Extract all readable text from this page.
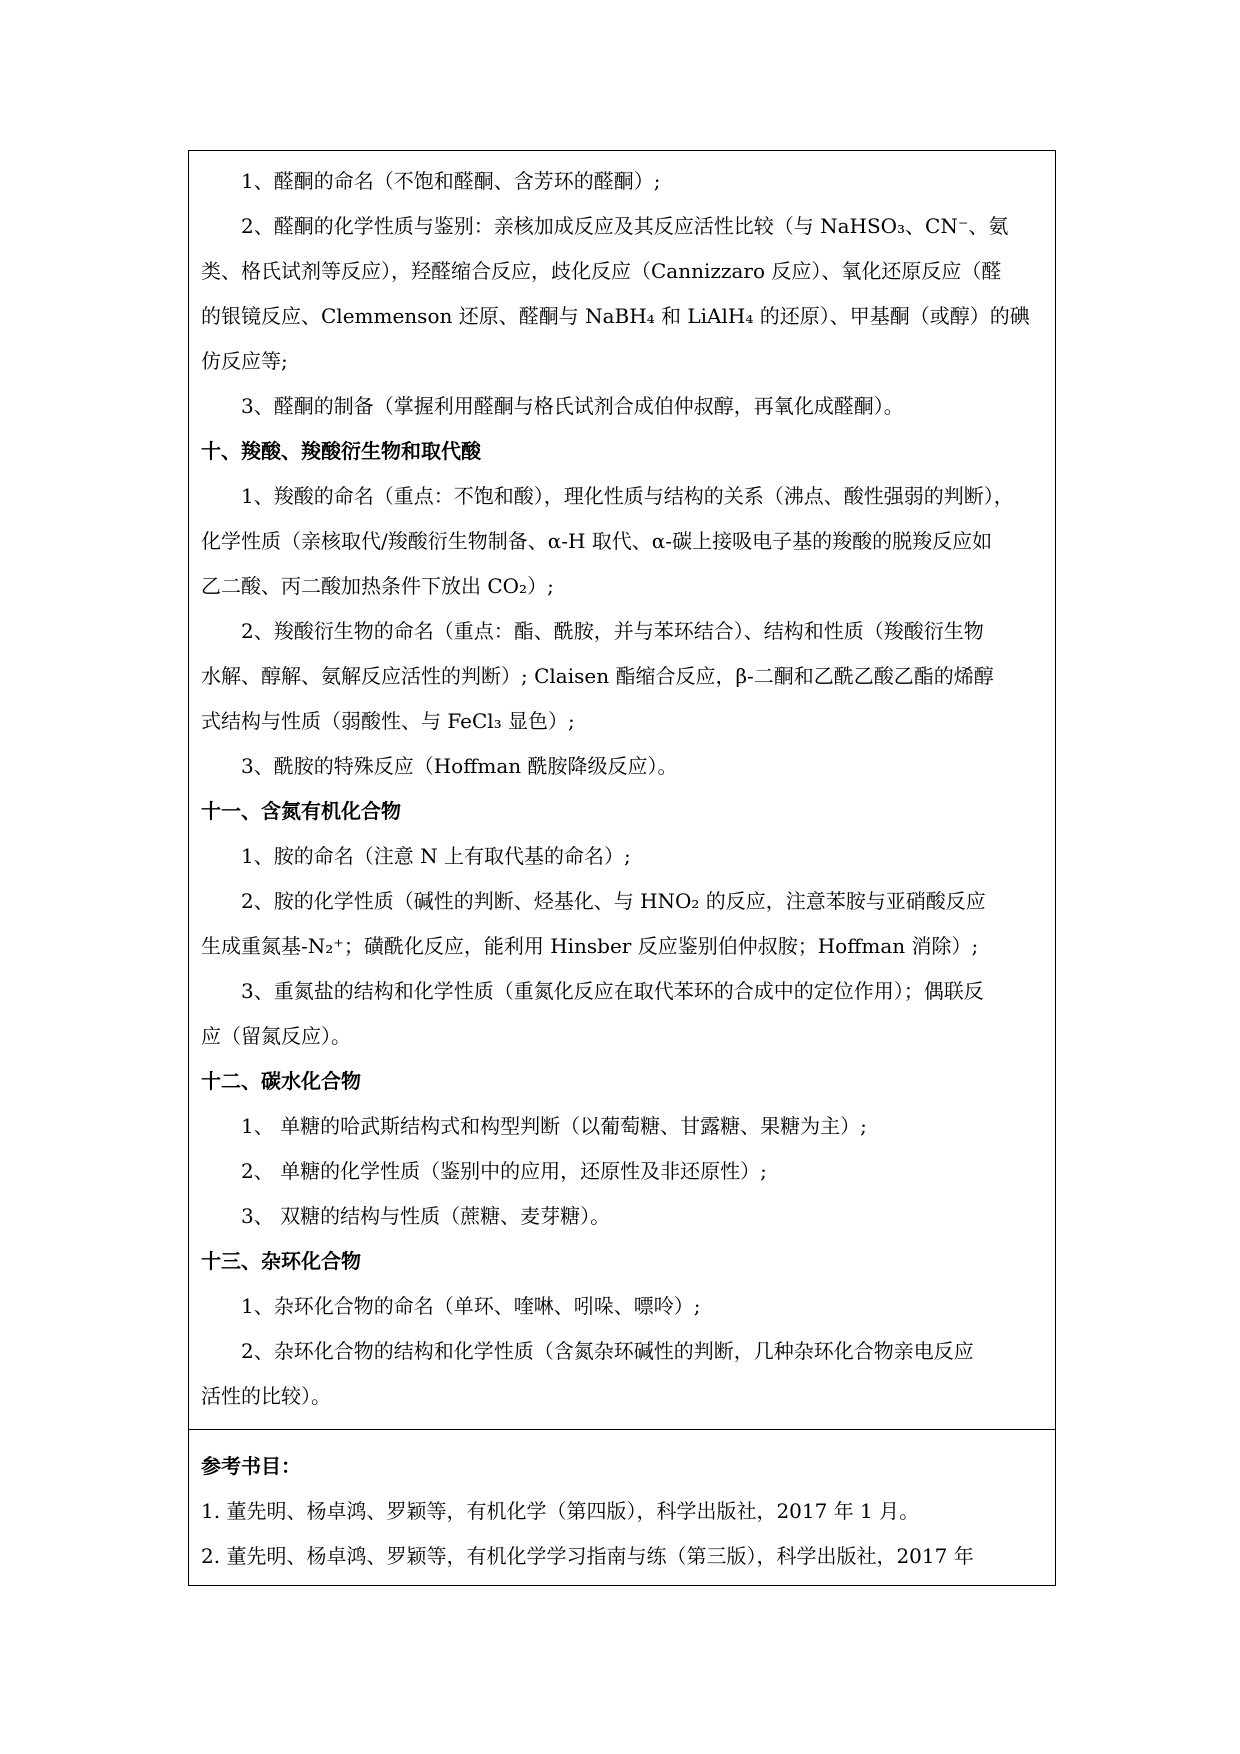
1、醛酮的命名（不饱和醛酮、含芳环的醛酮）;
2、醛酮的化学性质与鉴别：亲核加成反应及其反应活性比较（与 NaHSO₃、CN⁻、氨
类、格氏试剂等反应），羟醛缩合反应，歧化反应（Cannizzaro 反应）、氧化还原反应（醛
的银镜反应、Clemmenson 还原、醛酮与 NaBH₄ 和 LiAlH₄ 的还原）、甲基酮（或醇）的碘
仿反应等;
3、醛酮的制备（掌握利用醛酮与格氏试剂合成伯仲叔醇，再氧化成醛酮）。
十、羧酸、羧酸衍生物和取代酸
1、羧酸的命名（重点：不饱和酸），理化性质与结构的关系（沸点、酸性强弱的判断），
化学性质（亲核取代/羧酸衍生物制备、α-H 取代、α-碳上接吸电子基的羧酸的脱羧反应如
乙二酸、丙二酸加热条件下放出 CO₂）;
2、羧酸衍生物的命名（重点：酯、酰胺，并与苯环结合）、结构和性质（羧酸衍生物
水解、醇解、氨解反应活性的判断）; Claisen 酯缩合反应，β-二酮和乙酰乙酸乙酯的烯醇
式结构与性质（弱酸性、与 FeCl₃ 显色）;
3、酰胺的特殊反应（Hoffman 酰胺降级反应）。
十一、含氮有机化合物
1、胺的命名（注意 N 上有取代基的命名）;
2、胺的化学性质（碱性的判断、烃基化、与 HNO₂ 的反应，注意苯胺与亚硝酸反应
生成重氮基-N₂⁺；磺酰化反应，能利用 Hinsber 反应鉴别伯仲叔胺；Hoffman 消除）;
3、重氮盐的结构和化学性质（重氮化反应在取代苯环的合成中的定位作用）；偶联反
应（留氮反应）。
十二、碳水化合物
1、 单糖的哈武斯结构式和构型判断（以葡萄糖、甘露糖、果糖为主）;
2、 单糖的化学性质（鉴别中的应用，还原性及非还原性）;
3、 双糖的结构与性质（蔗糖、麦芽糖）。
十三、杂环化合物
1、杂环化合物的命名（单环、喹啉、吲哚、嘌呤）;
2、杂环化合物的结构和化学性质（含氮杂环碱性的判断，几种杂环化合物亲电反应
活性的比较）。
参考书目：
1. 董先明、杨卓鸿、罗颖等，有机化学（第四版），科学出版社，2017 年 1 月。
2. 董先明、杨卓鸿、罗颖等，有机化学学习指南与练（第三版），科学出版社，2017 年
